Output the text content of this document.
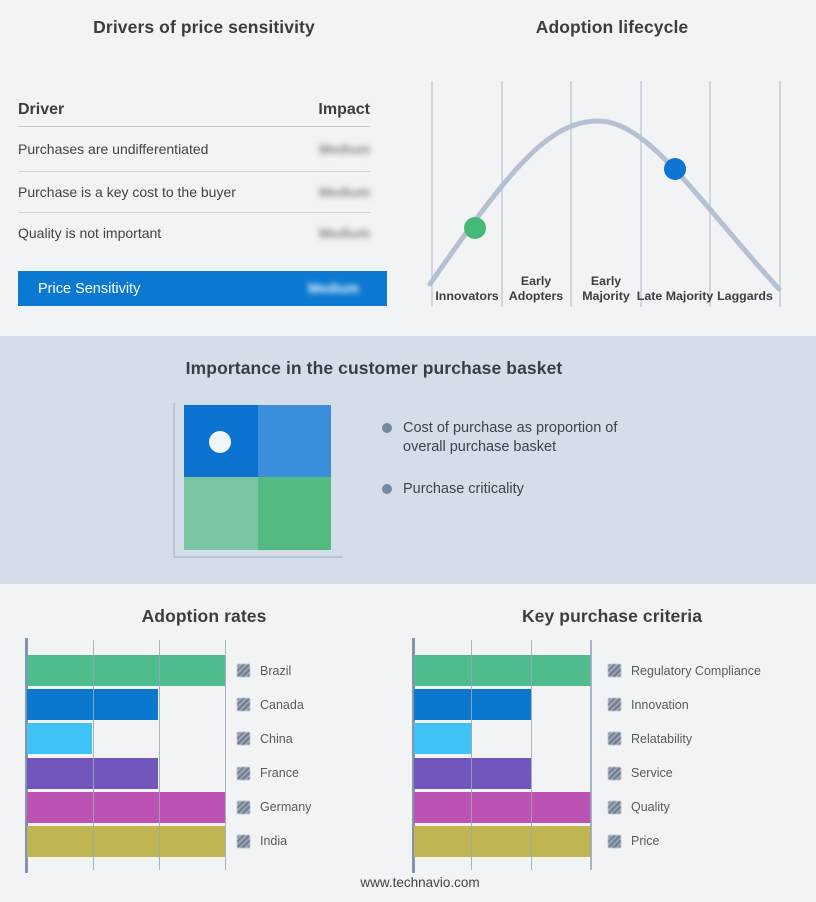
Drivers of price sensitivity
Driver	Impact
Purchases are undifferentiated	Medium
Purchase is a key cost to the buyer	Medium
Quality is not important	Medium
Price Sensitivity	Medium
Adoption lifecycle
Innovators
Early Adopters
Early Majority Late Majority Laggards
Importance in the customer purchase basket
Cost of purchase as proportion of overall purchase basket
Purchase criticality
Adoption rates
Brazil
Canada
China
France
Germany
India
Key purchase criteria
Regulatory Compliance
Innovation
Relatability
Service
Quality
Price
www.technavio.com
